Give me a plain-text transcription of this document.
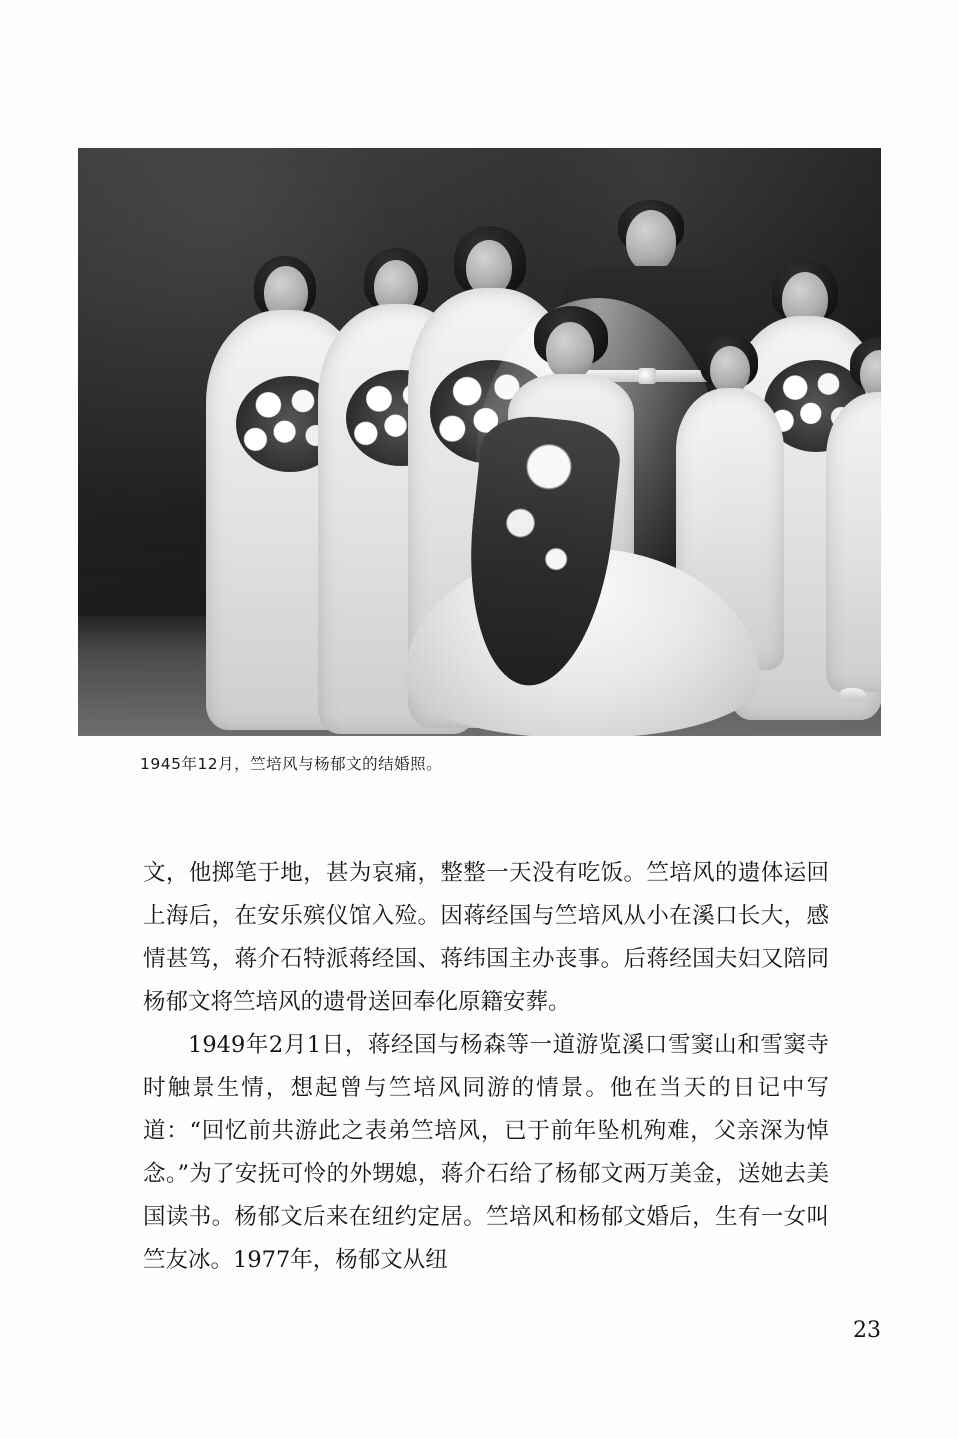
1945年12月，竺培风与杨郁文的结婚照。

文，他掷笔于地，甚为哀痛，整整一天没有吃饭。竺培风的遗体运回上海后，在安乐殡仪馆入殓。因蒋经国与竺培风从小在溪口长大，感情甚笃，蒋介石特派蒋经国、蒋纬国主办丧事。后蒋经国夫妇又陪同杨郁文将竺培风的遗骨送回奉化原籍安葬。

1949年2月1日，蒋经国与杨森等一道游览溪口雪窦山和雪窦寺时触景生情，想起曾与竺培风同游的情景。他在当天的日记中写道：“回忆前共游此之表弟竺培风，已于前年坠机殉难，父亲深为悼念。”为了安抚可怜的外甥媳，蒋介石给了杨郁文两万美金，送她去美国读书。杨郁文后来在纽约定居。竺培风和杨郁文婚后，生有一女叫竺友冰。1977年，杨郁文从纽

23
